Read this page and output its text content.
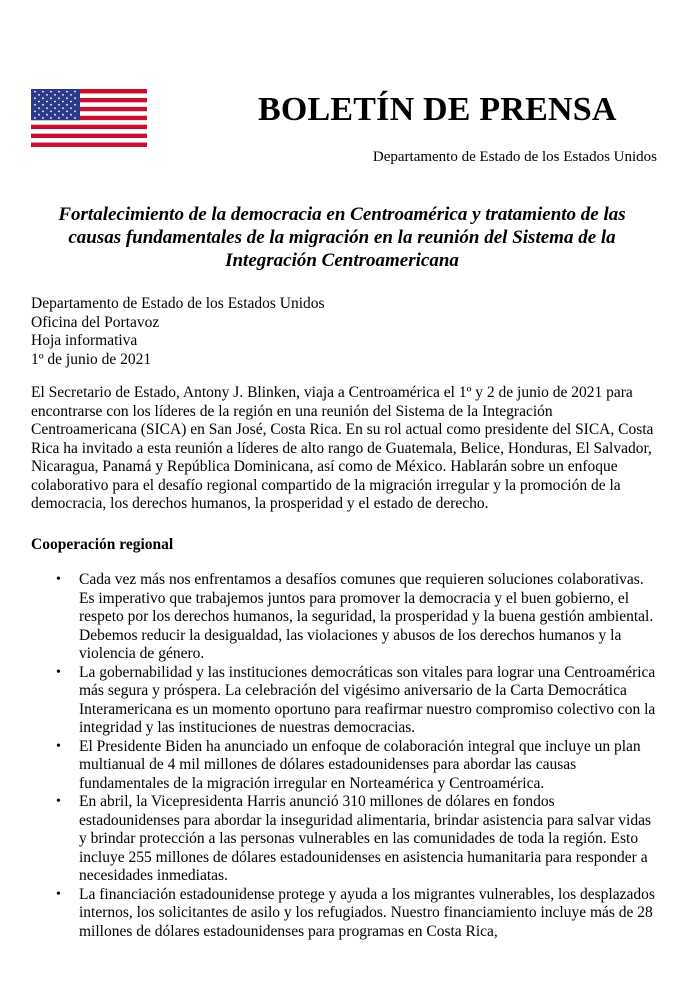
BOLETÍN DE PRENSA

Departamento de Estado de los Estados Unidos

Fortalecimiento de la democracia en Centroamérica y tratamiento de las causas fundamentales de la migración en la reunión del Sistema de la Integración Centroamericana

Departamento de Estado de los Estados Unidos
Oficina del Portavoz
Hoja informativa
1º de junio de 2021

El Secretario de Estado, Antony J. Blinken, viaja a Centroamérica el 1º y 2 de junio de 2021 para encontrarse con los líderes de la región en una reunión del Sistema de la Integración Centroamericana (SICA) en San José, Costa Rica. En su rol actual como presidente del SICA, Costa Rica ha invitado a esta reunión a líderes de alto rango de Guatemala, Belice, Honduras, El Salvador, Nicaragua, Panamá y República Dominicana, así como de México. Hablarán sobre un enfoque colaborativo para el desafío regional compartido de la migración irregular y la promoción de la democracia, los derechos humanos, la prosperidad y el estado de derecho.

Cooperación regional
• Cada vez más nos enfrentamos a desafíos comunes que requieren soluciones colaborativas. Es imperativo que trabajemos juntos para promover la democracia y el buen gobierno, el respeto por los derechos humanos, la seguridad, la prosperidad y la buena gestión ambiental. Debemos reducir la desigualdad, las violaciones y abusos de los derechos humanos y la violencia de género.
• La gobernabilidad y las instituciones democráticas son vitales para lograr una Centroamérica más segura y próspera. La celebración del vigésimo aniversario de la Carta Democrática Interamericana es un momento oportuno para reafirmar nuestro compromiso colectivo con la integridad y las instituciones de nuestras democracias.
• El Presidente Biden ha anunciado un enfoque de colaboración integral que incluye un plan multianual de 4 mil millones de dólares estadounidenses para abordar las causas fundamentales de la migración irregular en Norteamérica y Centroamérica.
• En abril, la Vicepresidenta Harris anunció 310 millones de dólares en fondos estadounidenses para abordar la inseguridad alimentaria, brindar asistencia para salvar vidas y brindar protección a las personas vulnerables en las comunidades de toda la región. Esto incluye 255 millones de dólares estadounidenses en asistencia humanitaria para responder a necesidades inmediatas.
• La financiación estadounidense protege y ayuda a los migrantes vulnerables, los desplazados internos, los solicitantes de asilo y los refugiados. Nuestro financiamiento incluye más de 28 millones de dólares estadounidenses para programas en Costa Rica,
